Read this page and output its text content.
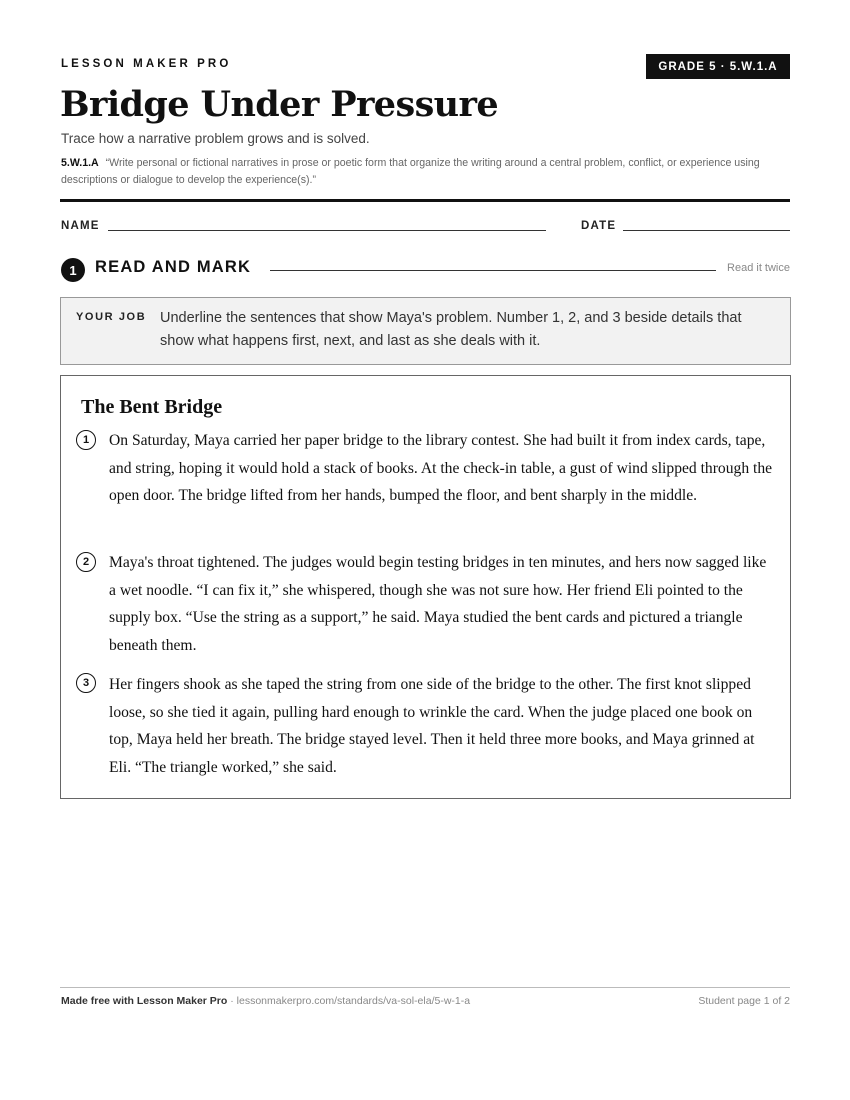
LESSON MAKER PRO	GRADE 5 · 5.W.1.A
Bridge Under Pressure
Trace how a narrative problem grows and is solved.
5.W.1.A “Write personal or fictional narratives in prose or poetic form that organize the writing around a central problem, conflict, or experience using descriptions or dialogue to develop the experience(s).”
NAME	DATE
1	READ AND MARK	Read it twice
YOUR JOB Underline the sentences that show Maya's problem. Number 1, 2, and 3 beside details that show what happens first, next, and last as she deals with it.
The Bent Bridge
1	On Saturday, Maya carried her paper bridge to the library contest. She had built it from index cards, tape, and string, hoping it would hold a stack of books. At the check-in table, a gust of wind slipped through the open door. The bridge lifted from her hands, bumped the floor, and bent sharply in the middle.

2	Maya's throat tightened. The judges would begin testing bridges in ten minutes, and hers now sagged like a wet noodle. “I can fix it,” she whispered, though she was not sure how. Her friend Eli pointed to the supply box. “Use the string as a support,” he said. Maya studied the bent cards and pictured a triangle beneath them.

3	Her fingers shook as she taped the string from one side of the bridge to the other. The first knot slipped loose, so she tied it again, pulling hard enough to wrinkle the card. When the judge placed one book on top, Maya held her breath. The bridge stayed level. Then it held three more books, and Maya grinned at Eli. “The triangle worked,” she said.

Made free with Lesson Maker Pro · lessonmakerpro.com/standards/va-sol-ela/5-w-1-a	Student page 1 of 2
